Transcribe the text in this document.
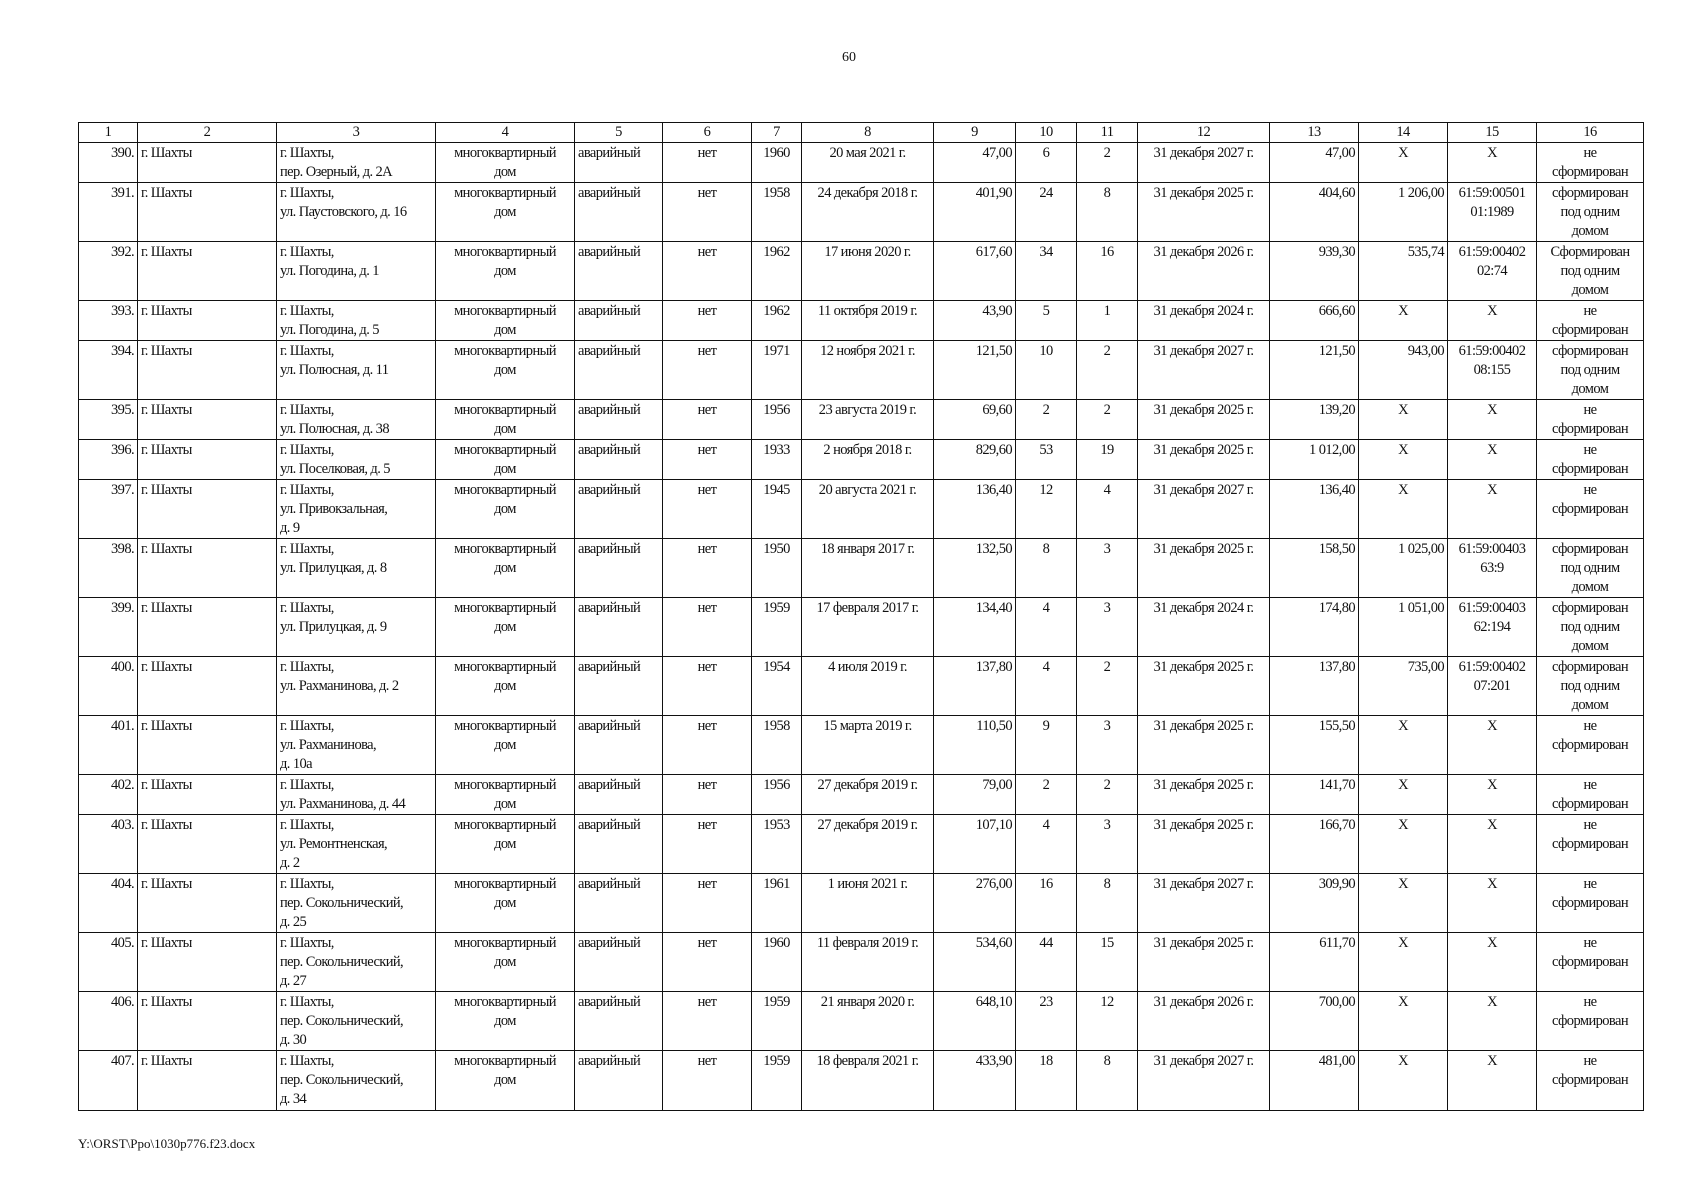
60
1	2	3	4	5	6	7	8	9	10	11	12	13	14	15	16
390.	г. Шахты	г. Шахты,
пер. Озерный, д. 2А	многоквартирный
дом	аварийный	нет	1960	20 мая 2021 г.	47,00	6	2	31 декабря 2027 г.	47,00	X	X	не
сформирован

391.	г. Шахты	г. Шахты,
ул. Паустовского, д. 16	многоквартирный
дом	аварийный	нет	1958	24 декабря 2018 г.	401,90	24	8	31 декабря 2025 г.	404,60	1 206,00	61:59:00501
01:1989	сформирован
под одним
домом

392.	г. Шахты	г. Шахты,
ул. Погодина, д. 1	многоквартирный
дом	аварийный	нет	1962	17 июня 2020 г.	617,60	34	16	31 декабря 2026 г.	939,30	535,74	61:59:00402
02:74	Сформирован
под одним
домом

393.	г. Шахты	г. Шахты,
ул. Погодина, д. 5	многоквартирный
дом	аварийный	нет	1962	11 октября 2019 г.	43,90	5	1	31 декабря 2024 г.	666,60	X	X	не
сформирован

394.	г. Шахты	г. Шахты,
ул. Полюсная, д. 11	многоквартирный
дом	аварийный	нет	1971	12 ноября 2021 г.	121,50	10	2	31 декабря 2027 г.	121,50	943,00	61:59:00402
08:155	сформирован
под одним
домом

395.	г. Шахты	г. Шахты,
ул. Полюсная, д. 38	многоквартирный
дом	аварийный	нет	1956	23 августа 2019 г.	69,60	2	2	31 декабря 2025 г.	139,20	X	X	не
сформирован

396.	г. Шахты	г. Шахты,
ул. Поселковая, д. 5	многоквартирный
дом	аварийный	нет	1933	2 ноября 2018 г.	829,60	53	19	31 декабря 2025 г.	1 012,00	X	X	не
сформирован

397.	г. Шахты	г. Шахты,
ул. Привокзальная,
д. 9	многоквартирный
дом	аварийный	нет	1945	20 августа 2021 г.	136,40	12	4	31 декабря 2027 г.	136,40	X	X	не
сформирован

398.	г. Шахты	г. Шахты,
ул. Прилуцкая, д. 8	многоквартирный
дом	аварийный	нет	1950	18 января 2017 г.	132,50	8	3	31 декабря 2025 г.	158,50	1 025,00	61:59:00403
63:9	сформирован
под одним
домом

399.	г. Шахты	г. Шахты,
ул. Прилуцкая, д. 9	многоквартирный
дом	аварийный	нет	1959	17 февраля 2017 г.	134,40	4	3	31 декабря 2024 г.	174,80	1 051,00	61:59:00403
62:194	сформирован
под одним
домом

400.	г. Шахты	г. Шахты,
ул. Рахманинова, д. 2	многоквартирный
дом	аварийный	нет	1954	4 июля 2019 г.	137,80	4	2	31 декабря 2025 г.	137,80	735,00	61:59:00402
07:201	сформирован
под одним
домом

401.	г. Шахты	г. Шахты,
ул. Рахманинова,
д. 10а	многоквартирный
дом	аварийный	нет	1958	15 марта 2019 г.	110,50	9	3	31 декабря 2025 г.	155,50	X	X	не
сформирован

402.	г. Шахты	г. Шахты,
ул. Рахманинова, д. 44	многоквартирный
дом	аварийный	нет	1956	27 декабря 2019 г.	79,00	2	2	31 декабря 2025 г.	141,70	X	X	не
сформирован

403.	г. Шахты	г. Шахты,
ул. Ремонтненская,
д. 2	многоквартирный
дом	аварийный	нет	1953	27 декабря 2019 г.	107,10	4	3	31 декабря 2025 г.	166,70	X	X	не
сформирован

404.	г. Шахты	г. Шахты,
пер. Сокольнический,
д. 25	многоквартирный
дом	аварийный	нет	1961	1 июня 2021 г.	276,00	16	8	31 декабря 2027 г.	309,90	X	X	не
сформирован

405.	г. Шахты	г. Шахты,
пер. Сокольнический,
д. 27	многоквартирный
дом	аварийный	нет	1960	11 февраля 2019 г.	534,60	44	15	31 декабря 2025 г.	611,70	X	X	не
сформирован

406.	г. Шахты	г. Шахты,
пер. Сокольнический,
д. 30	многоквартирный
дом	аварийный	нет	1959	21 января 2020 г.	648,10	23	12	31 декабря 2026 г.	700,00	X	X	не
сформирован

407.	г. Шахты	г. Шахты,
пер. Сокольнический,
д. 34	многоквартирный
дом	аварийный	нет	1959	18 февраля 2021 г.	433,90	18	8	31 декабря 2027 г.	481,00	X	X	не
сформирован
Y:\ORST\Ppo\1030p776.f23.docx
